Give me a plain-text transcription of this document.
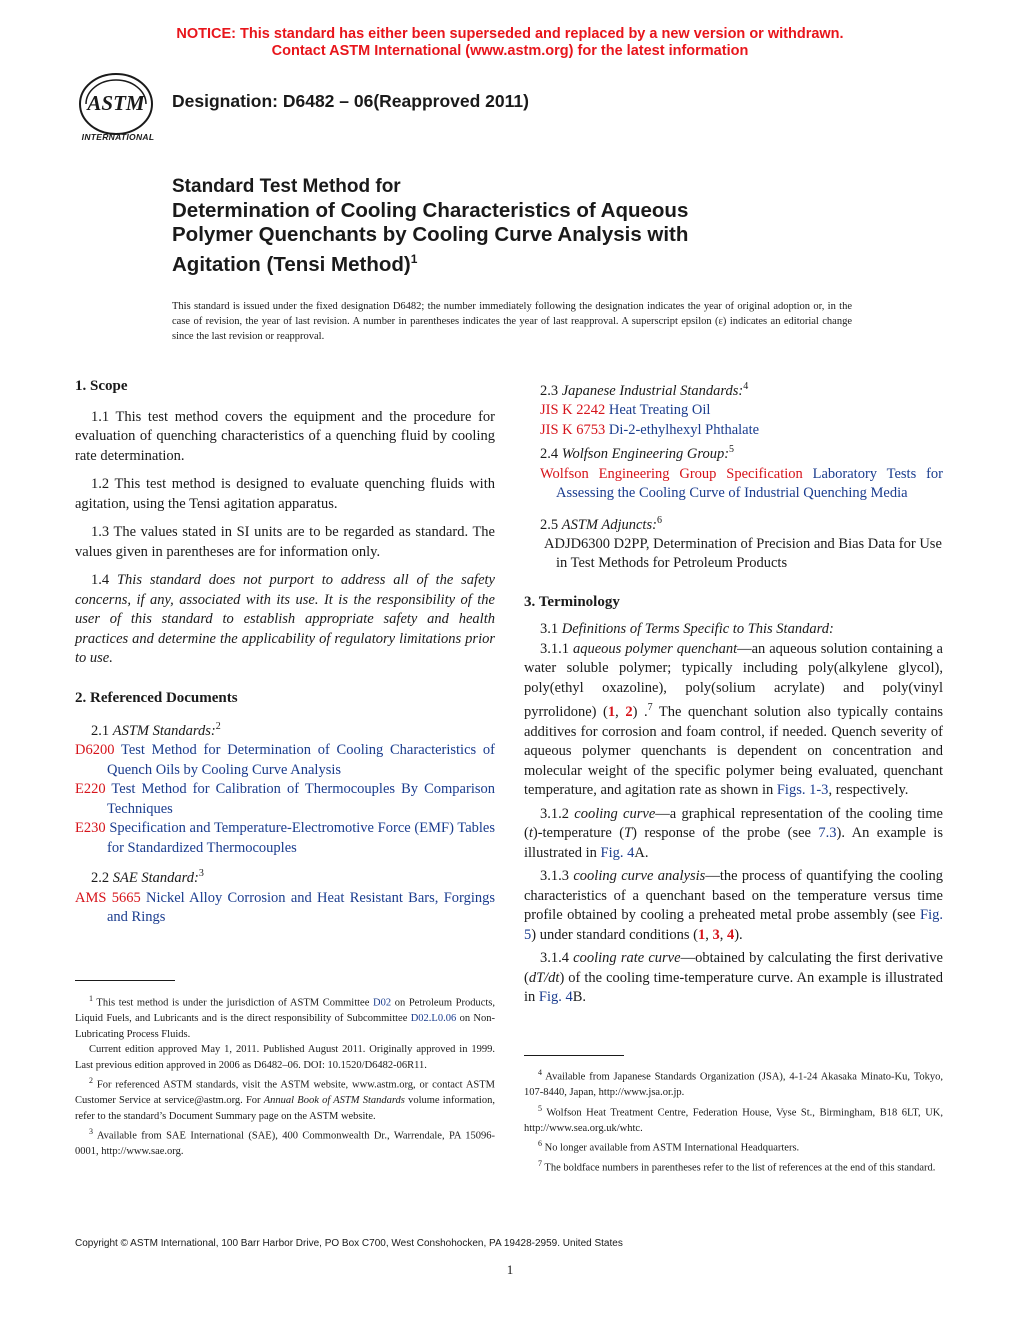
NOTICE: This standard has either been superseded and replaced by a new version or withdrawn.
Contact ASTM International (www.astm.org) for the latest information
ASTM
INTERNATIONAL
Designation: D6482 – 06(Reapproved 2011)
Standard Test Method for
Determination of Cooling Characteristics of Aqueous
Polymer Quenchants by Cooling Curve Analysis with
Agitation (Tensi Method)$^1$
This standard is issued under the fixed designation D6482; the number immediately following the designation indicates the year of original adoption or, in the case of revision, the year of last revision. A number in parentheses indicates the year of last reapproval. A superscript epsilon (ε) indicates an editorial change since the last revision or reapproval.
1. Scope

1.1 This test method covers the equipment and the procedure for evaluation of quenching characteristics of a quenching fluid by cooling rate determination.

1.2 This test method is designed to evaluate quenching fluids with agitation, using the Tensi agitation apparatus.

1.3 The values stated in SI units are to be regarded as standard. The values given in parentheses are for information only.

1.4 This standard does not purport to address all of the safety concerns, if any, associated with its use. It is the responsibility of the user of this standard to establish appropriate safety and health practices and determine the applicability of regulatory limitations prior to use.

2. Referenced Documents
2.1 ASTM Standards:$^2$
D6200 Test Method for Determination of Cooling Characteristics of Quench Oils by Cooling Curve Analysis
E220 Test Method for Calibration of Thermocouples By Comparison Techniques
E230 Specification and Temperature-Electromotive Force (EMF) Tables for Standardized Thermocouples
2.2 SAE Standard:$^3$
AMS 5665 Nickel Alloy Corrosion and Heat Resistant Bars, Forgings and Rings
$^1$ This test method is under the jurisdiction of ASTM Committee D02 on Petroleum Products, Liquid Fuels, and Lubricants and is the direct responsibility of Subcommittee D02.L0.06 on Non-Lubricating Process Fluids.
Current edition approved May 1, 2011. Published August 2011. Originally approved in 1999. Last previous edition approved in 2006 as D6482–06. DOI: 10.1520/D6482-06R11.
$^2$ For referenced ASTM standards, visit the ASTM website, www.astm.org, or contact ASTM Customer Service at service@astm.org. For Annual Book of ASTM Standards volume information, refer to the standard’s Document Summary page on the ASTM website.
$^3$ Available from SAE International (SAE), 400 Commonwealth Dr., Warrendale, PA 15096-0001, http://www.sae.org.
2.3 Japanese Industrial Standards:$^4$
JIS K 2242 Heat Treating Oil
JIS K 6753 Di-2-ethylhexyl Phthalate
2.4 Wolfson Engineering Group:$^5$
Wolfson Engineering Group Specification Laboratory Tests for Assessing the Cooling Curve of Industrial Quenching Media
2.5 ASTM Adjuncts:$^6$
ADJD6300 D2PP, Determination of Precision and Bias Data for Use in Test Methods for Petroleum Products
3. Terminology
3.1 Definitions of Terms Specific to This Standard:

3.1.1 aqueous polymer quenchant—an aqueous solution containing a water soluble polymer; typically including poly(alkylene glycol), poly(ethyl oxazoline), poly(solium acrylate) and poly(vinyl pyrrolidone) (1, 2) .$^7$ The quenchant solution also typically contains additives for corrosion and foam control, if needed. Quench severity of aqueous polymer quenchants is dependent on concentration and molecular weight of the specific polymer being evaluated, quenchant temperature, and agitation rate as shown in Figs. 1-3, respectively.

3.1.2 cooling curve—a graphical representation of the cooling time (t)-temperature (T) response of the probe (see 7.3). An example is illustrated in Fig. 4A.

3.1.3 cooling curve analysis—the process of quantifying the cooling characteristics of a quenchant based on the temperature versus time profile obtained by cooling a preheated metal probe assembly (see Fig. 5) under standard conditions (1, 3, 4).

3.1.4 cooling rate curve—obtained by calculating the first derivative (dT/dt) of the cooling time-temperature curve. An example is illustrated in Fig. 4B.

$^4$ Available from Japanese Standards Organization (JSA), 4-1-24 Akasaka Minato-Ku, Tokyo, 107-8440, Japan, http://www.jsa.or.jp.
$^5$ Wolfson Heat Treatment Centre, Federation House, Vyse St., Birmingham, B18 6LT, UK, http://www.sea.org.uk/whtc.
$^6$ No longer available from ASTM International Headquarters.
$^7$ The boldface numbers in parentheses refer to the list of references at the end of this standard.
Copyright © ASTM International, 100 Barr Harbor Drive, PO Box C700, West Conshohocken, PA 19428-2959. United States
1
